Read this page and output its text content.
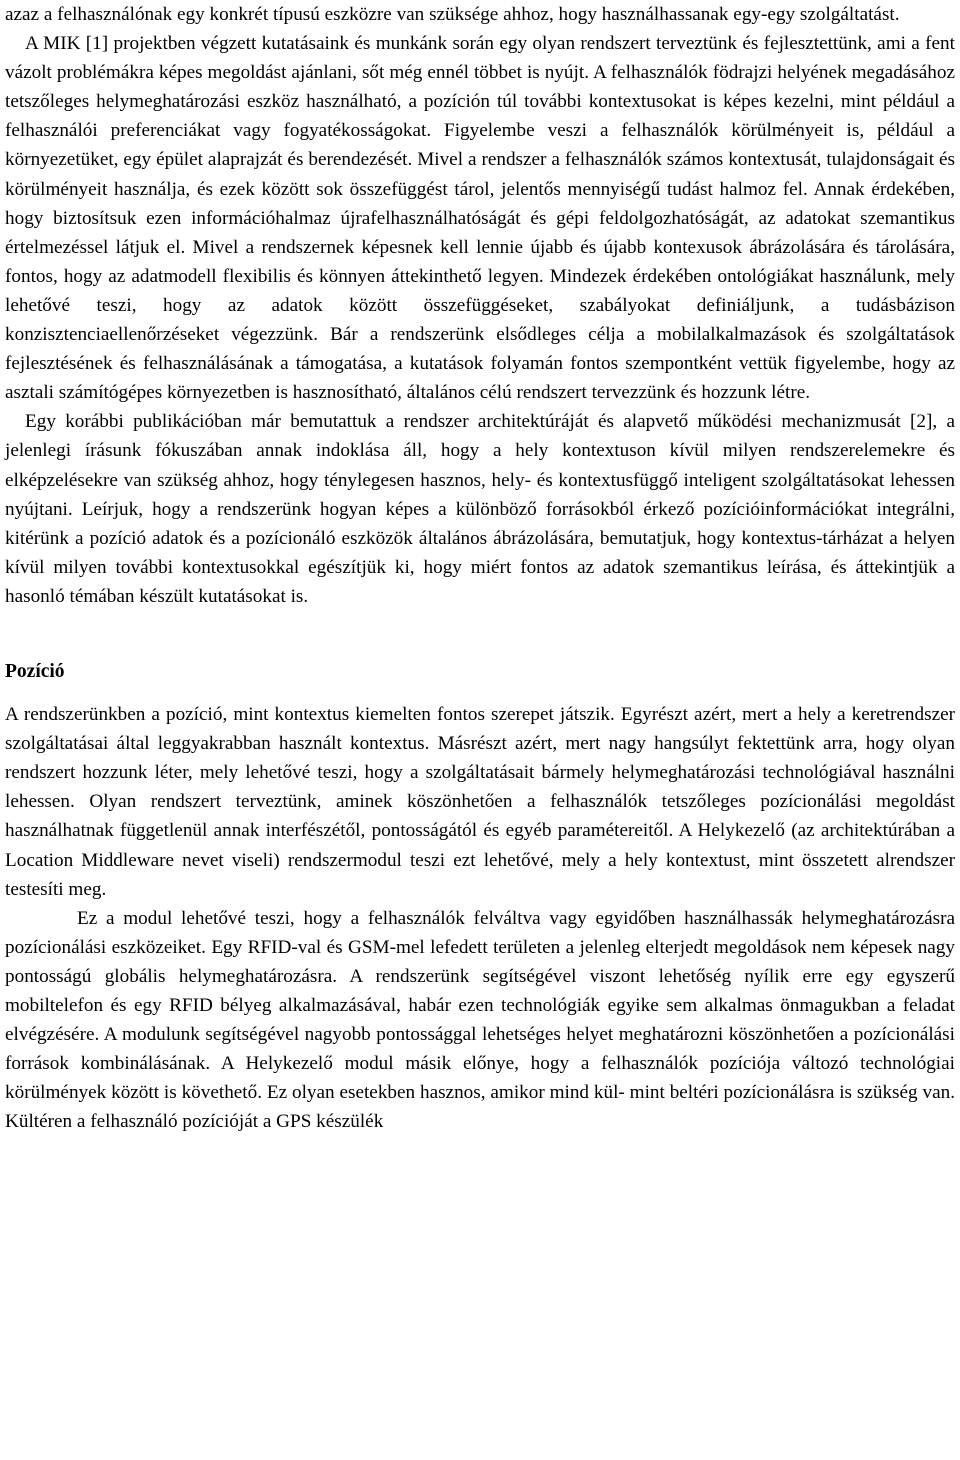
azaz a felhasználónak egy konkrét típusú eszközre van szüksége ahhoz, hogy használhassanak egy-egy szolgáltatást.

A MIK [1] projektben végzett kutatásaink és munkánk során egy olyan rendszert terveztünk és fejlesztettünk, ami a fent vázolt problémákra képes megoldást ajánlani, sőt még ennél többet is nyújt. A felhasználók födrajzi helyének megadásához tetszőleges helymeghatározási eszköz használható, a pozíción túl további kontextusokat is képes kezelni, mint például a felhasználói preferenciákat vagy fogyatékosságokat. Figyelembe veszi a felhasználók körülményeit is, például a környezetüket, egy épület alaprajzát és berendezését. Mivel a rendszer a felhasználók számos kontextusát, tulajdonságait és körülményeit használja, és ezek között sok összefüggést tárol, jelentős mennyiségű tudást halmoz fel. Annak érdekében, hogy biztosítsuk ezen információhalmaz újrafelhasználhatóságát és gépi feldolgozhatóságát, az adatokat szemantikus értelmezéssel látjuk el. Mivel a rendszernek képesnek kell lennie újabb és újabb kontexusok ábrázolására és tárolására, fontos, hogy az adatmodell flexibilis és könnyen áttekinthető legyen. Mindezek érdekében ontológiákat használunk, mely lehetővé teszi, hogy az adatok között összefüggéseket, szabályokat definiáljunk, a tudásbázison konzisztenciaellenőrzéseket végezzünk. Bár a rendszerünk elsődleges célja a mobilalkalmazások és szolgáltatások fejlesztésének és felhasználásának a támogatása, a kutatások folyamán fontos szempontként vettük figyelembe, hogy az asztali számítógépes környezetben is hasznosítható, általános célú rendszert tervezzünk és hozzunk létre.

Egy korábbi publikációban már bemutattuk a rendszer architektúráját és alapvető működési mechanizmusát [2], a jelenlegi írásunk fókuszában annak indoklása áll, hogy a hely kontextuson kívül milyen rendszerelemekre és elképzelésekre van szükség ahhoz, hogy ténylegesen hasznos, hely- és kontextusfüggő inteligent szolgáltatásokat lehessen nyújtani. Leírjuk, hogy a rendszerünk hogyan képes a különböző forrásokból érkező pozícióinformációkat integrálni, kitérünk a pozíció adatok és a pozícionáló eszközök általános ábrázolására, bemutatjuk, hogy kontextus-tárházat a helyen kívül milyen további kontextusokkal egészítjük ki, hogy miért fontos az adatok szemantikus leírása, és áttekintjük a hasonló témában készült kutatásokat is.

Pozíció

A rendszerünkben a pozíció, mint kontextus kiemelten fontos szerepet játszik. Egyrészt azért, mert a hely a keretrendszer szolgáltatásai által leggyakrabban használt kontextus. Másrészt azért, mert nagy hangsúlyt fektettünk arra, hogy olyan rendszert hozzunk léter, mely lehetővé teszi, hogy a szolgáltatásait bármely helymeghatározási technológiával használni lehessen. Olyan rendszert terveztünk, aminek köszönhetően a felhasználók tetszőleges pozícionálási megoldást használhatnak függetlenül annak interfészétől, pontosságától és egyéb paramétereitől. A Helykezelő (az architektúrában a Location Middleware nevet viseli) rendszermodul teszi ezt lehetővé, mely a hely kontextust, mint összetett alrendszer testesíti meg.

Ez a modul lehetővé teszi, hogy a felhasználók felváltva vagy egyidőben használhassák helymeghatározásra pozícionálási eszközeiket. Egy RFID-val és GSM-mel lefedett területen a jelenleg elterjedt megoldások nem képesek nagy pontosságú globális helymeghatározásra. A rendszerünk segítségével viszont lehetőség nyílik erre egy egyszerű mobiltelefon és egy RFID bélyeg alkalmazásával, habár ezen technológiák egyike sem alkalmas önmagukban a feladat elvégzésére. A modulunk segítségével nagyobb pontossággal lehetséges helyet meghatározni köszönhetően a pozícionálási források kombinálásának. A Helykezelő modul másik előnye, hogy a felhasználók pozíciója változó technológiai körülmények között is követhető. Ez olyan esetekben hasznos, amikor mind kül- mint beltéri pozícionálásra is szükség van. Kültéren a felhasználó pozícióját a GPS készülék
